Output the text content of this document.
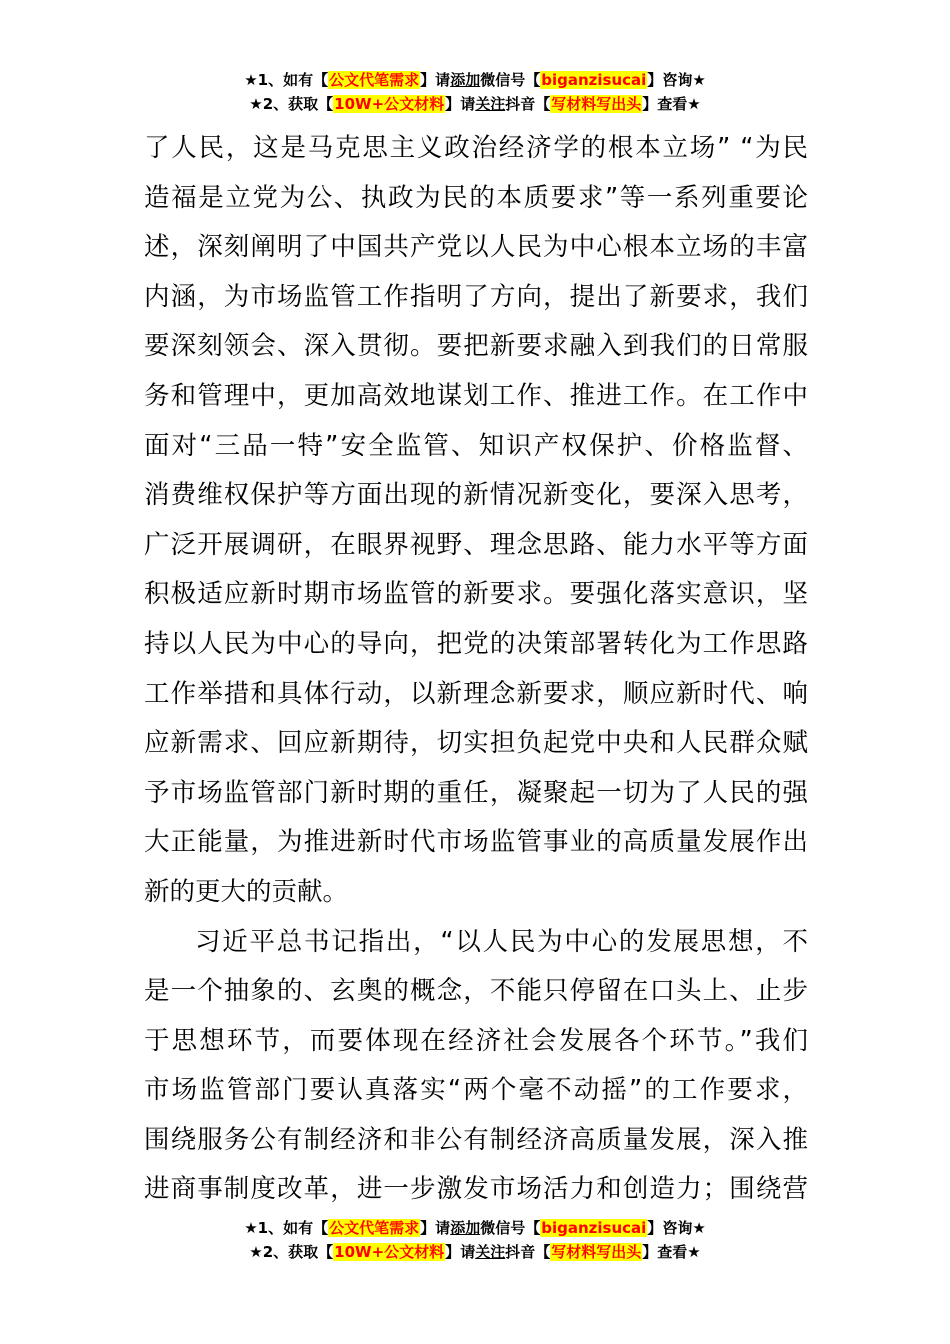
★1、如有【公文代笔需求】请添加微信号【biganzisucai】咨询★
★2、获取【10W+公文材料】请关注抖音【写材料写出头】查看★

了人民，这是马克思主义政治经济学的根本立场” “为民
造福是立党为公、执政为民的本质要求”等一系列重要论
述，深刻阐明了中国共产党以人民为中心根本立场的丰富
内涵，为市场监管工作指明了方向，提出了新要求，我们
要深刻领会、深入贯彻。要把新要求融入到我们的日常服
务和管理中，更加高效地谋划工作、推进工作。在工作中
面对“三品一特”安全监管、知识产权保护、价格监督、
消费维权保护等方面出现的新情况新变化，要深入思考，
广泛开展调研，在眼界视野、理念思路、能力水平等方面
积极适应新时期市场监管的新要求。要强化落实意识，坚
持以人民为中心的导向，把党的决策部署转化为工作思路
工作举措和具体行动，以新理念新要求，顺应新时代、响
应新需求、回应新期待，切实担负起党中央和人民群众赋
予市场监管部门新时期的重任，凝聚起一切为了人民的强
大正能量，为推进新时代市场监管事业的高质量发展作出
新的更大的贡献。

习近平总书记指出，“以人民为中心的发展思想，不
是一个抽象的、玄奥的概念，不能只停留在口头上、止步
于思想环节，而要体现在经济社会发展各个环节。”我们
市场监管部门要认真落实“两个毫不动摇”的工作要求，
围绕服务公有制经济和非公有制经济高质量发展，深入推
进商事制度改革，进一步激发市场活力和创造力；围绕营

★1、如有【公文代笔需求】请添加微信号【biganzisucai】咨询★
★2、获取【10W+公文材料】请关注抖音【写材料写出头】查看★
